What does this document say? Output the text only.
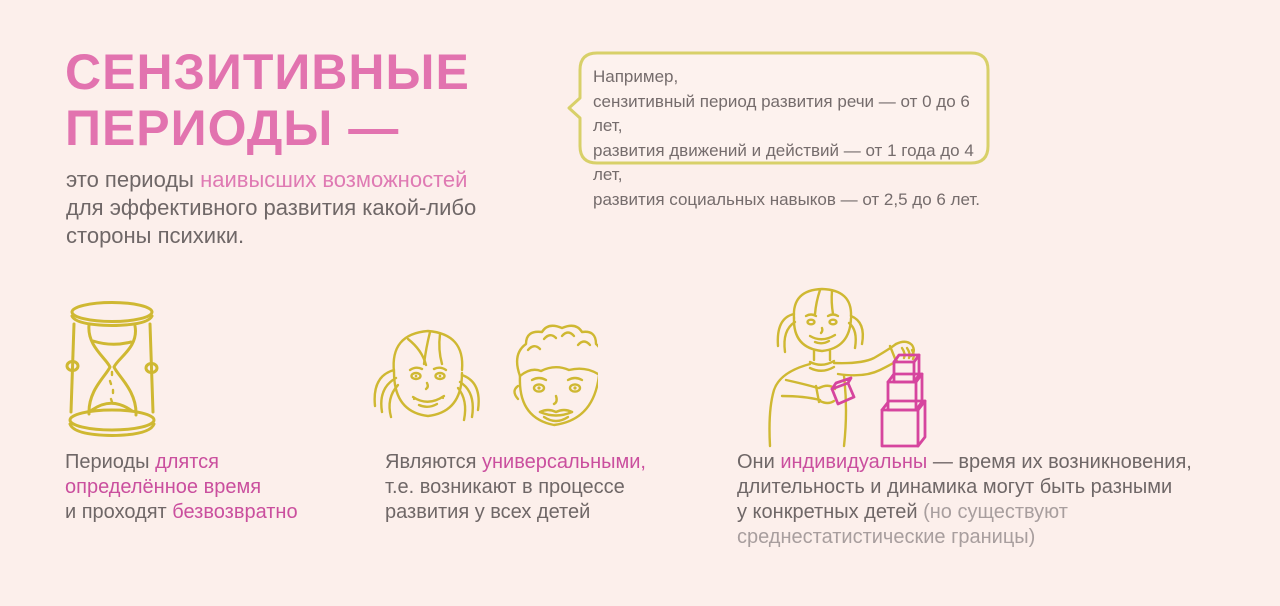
СЕНЗИТИВНЫЕ
ПЕРИОДЫ —

это периоды наивысших возможностей
для эффективного развития какой-либо
стороны психики.

Например,
сензитивный период развития речи — от 0 до 6 лет,
развития движений и действий — от 1 года до 4 лет,
развития социальных навыков — от 2,5 до 6 лет.
Периоды длятся
определённое время
и проходят безвозвратно
Являются универсальными,
т.е. возникают в процессе
развития у всех детей
Они индивидуальны — время их возникновения,
длительность и динамика могут быть разными
у конкретных детей (но существуют
среднестатистические границы)
